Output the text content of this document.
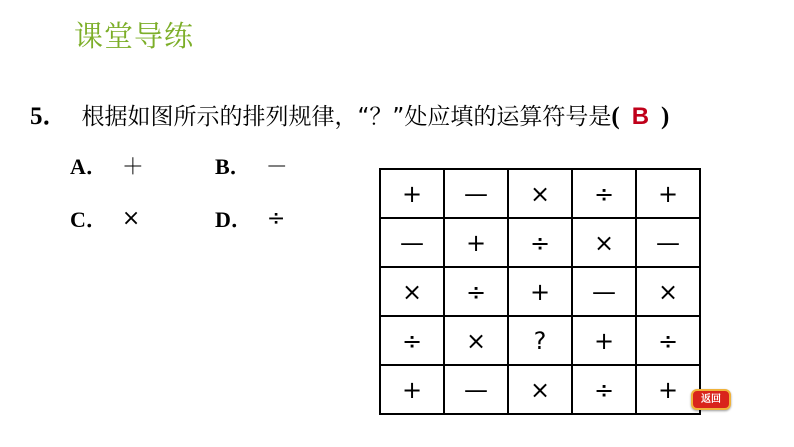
课堂导练
5． 根据如图所示的排列规律，“？”处应填的运算符号是 ( B )
A． ＋	B． －
C． ×	D． ÷
+	—	×	÷	+
—	+	÷	×	—
×	÷	+	—	×
÷	×	?	+	÷
+	—	×	÷	+	返回
